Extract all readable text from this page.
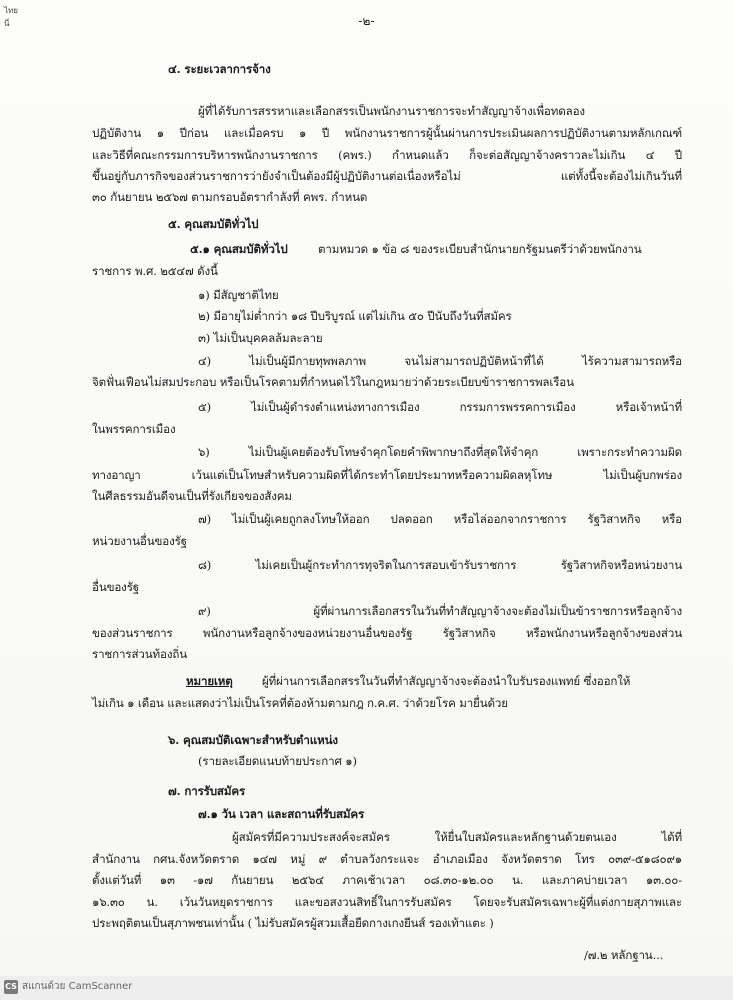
ไทยนี่	-๒-
๔. ระยะเวลาการจ้าง
ผู้ที่ได้รับการสรรหาและเลือกสรรเป็นพนักงานราชการจะทำสัญญาจ้างเพื่อทดลอง
ปฏิบัติงาน ๑ ปีก่อน และเมื่อครบ ๑ ปี พนักงานราชการผู้นั้นผ่านการประเมินผลการปฏิบัติงานตามหลักเกณฑ์
และวิธีที่คณะกรรมการบริหารพนักงานราชการ (คพร.) กำหนดแล้ว ก็จะต่อสัญญาจ้างคราวละไม่เกิน ๔ ปี
ขึ้นอยู่กับภารกิจของส่วนราชการว่ายังจำเป็นต้องมีผู้ปฏิบัติงานต่อเนื่องหรือไม่ แต่ทั้งนี้จะต้องไม่เกินวันที่
๓๐ กันยายน ๒๕๖๗ ตามกรอบอัตรากำลังที่ คพร. กำหนด
๕. คุณสมบัติทั่วไป
๕.๑ คุณสมบัติทั่วไป	ตามหมวด ๑ ข้อ ๘ ของระเบียบสำนักนายกรัฐมนตรีว่าด้วยพนักงาน
ราชการ พ.ศ. ๒๕๔๗ ดังนี้
๑) มีสัญชาติไทย
๒) มีอายุไม่ต่ำกว่า ๑๘ ปีบริบูรณ์ แต่ไม่เกิน ๕๐ ปีนับถึงวันที่สมัคร
๓) ไม่เป็นบุคคลล้มละลาย
๔) ไม่เป็นผู้มีกายทุพพลภาพ จนไม่สามารถปฏิบัติหน้าที่ได้ ไร้ความสามารถหรือ
จิตฟั่นเฟือนไม่สมประกอบ หรือเป็นโรคตามที่กำหนดไว้ในกฎหมายว่าด้วยระเบียบข้าราชการพลเรือน
๕) ไม่เป็นผู้ดำรงตำแหน่งทางการเมือง กรรมการพรรคการเมือง หรือเจ้าหน้าที่
ในพรรคการเมือง
๖) ไม่เป็นผู้เคยต้องรับโทษจำคุกโดยคำพิพากษาถึงที่สุดให้จำคุก เพราะกระทำความผิด
ทางอาญา เว้นแต่เป็นโทษสำหรับความผิดที่ได้กระทำโดยประมาทหรือความผิดลหุโทษ ไม่เป็นผู้บกพร่อง
ในศีลธรรมอันดีจนเป็นที่รังเกียจของสังคม
๗) ไม่เป็นผู้เคยถูกลงโทษให้ออก ปลดออก หรือไล่ออกจากราชการ รัฐวิสาหกิจ หรือ
หน่วยงานอื่นของรัฐ
๘) ไม่เคยเป็นผู้กระทำการทุจริตในการสอบเข้ารับราชการ รัฐวิสาหกิจหรือหน่วยงาน
อื่นของรัฐ
๙) ผู้ที่ผ่านการเลือกสรรในวันที่ทำสัญญาจ้างจะต้องไม่เป็นข้าราชการหรือลูกจ้าง
ของส่วนราชการ พนักงานหรือลูกจ้างของหน่วยงานอื่นของรัฐ รัฐวิสาหกิจ หรือพนักงานหรือลูกจ้างของส่วน
ราชการส่วนท้องถิ่น
หมายเหตุ	ผู้ที่ผ่านการเลือกสรรในวันที่ทำสัญญาจ้างจะต้องนำใบรับรองแพทย์ ซึ่งออกให้
ไม่เกิน ๑ เดือน และแสดงว่าไม่เป็นโรคที่ต้องห้ามตามกฎ ก.ค.ศ. ว่าด้วยโรค มายื่นด้วย
๖. คุณสมบัติเฉพาะสำหรับตำแหน่ง
(รายละเอียดแนบท้ายประกาศ ๑)
๗. การรับสมัคร
๗.๑ วัน เวลา และสถานที่รับสมัคร
ผู้สมัครที่มีความประสงค์จะสมัคร ให้ยื่นใบสมัครและหลักฐานด้วยตนเอง ได้ที่
สำนักงาน กศน.จังหวัดตราด ๑๔๗ หมู่ ๙ ตำบลวังกระแจะ อำเภอเมือง จังหวัดตราด โทร ๐๓๙-๕๑๘๐๙๑
ตั้งแต่วันที่ ๑๓ -๑๗ กันยายน ๒๕๖๔ ภาคเช้าเวลา ๐๘.๓๐-๑๒.๐๐ น. และภาคบ่ายเวลา ๑๓.๐๐-
๑๖.๓๐ น. เว้นวันหยุดราชการ และขอสงวนสิทธิ์ในการรับสมัคร โดยจะรับสมัครเฉพาะผู้ที่แต่งกายสุภาพและ
ประพฤติตนเป็นสุภาพชนเท่านั้น ( ไม่รับสมัครผู้สวมเสื้อยืดกางเกงยีนส์ รองเท้าแตะ )
/๗.๒ หลักฐาน...
CS สแกนด้วย CamScanner
